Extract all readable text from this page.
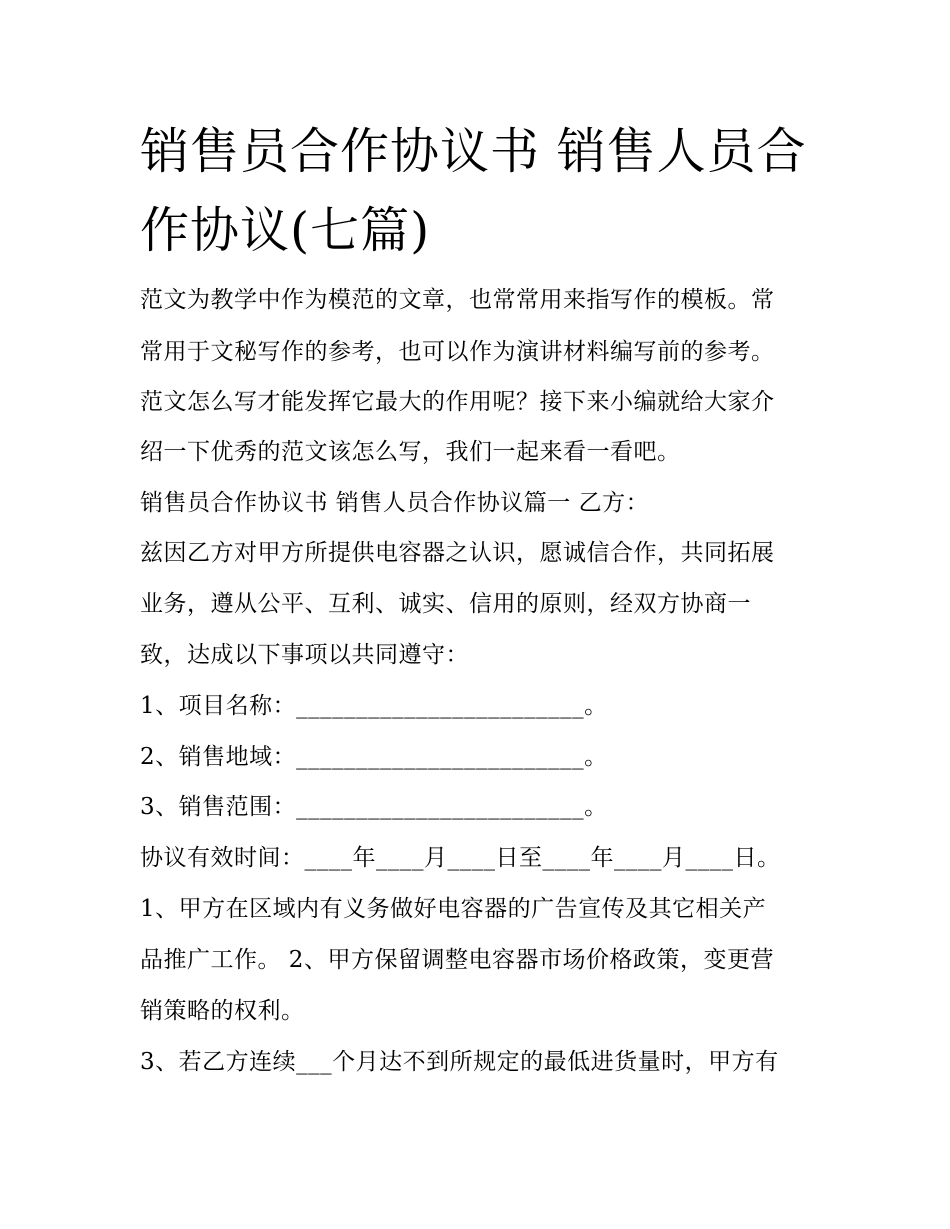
销售员合作协议书 销售人员合
作协议(七篇)

范文为教学中作为模范的文章，也常常用来指写作的模板。常

常用于文秘写作的参考，也可以作为演讲材料编写前的参考。

范文怎么写才能发挥它最大的作用呢？接下来小编就给大家介

绍一下优秀的范文该怎么写，我们一起来看一看吧。

销售员合作协议书 销售人员合作协议篇一 乙方：

兹因乙方对甲方所提供电容器之认识，愿诚信合作，共同拓展

业务，遵从公平、互利、诚实、信用的原则，经双方协商一

致，达成以下事项以共同遵守：

1、项目名称：________________________。

2、销售地域：________________________。

3、销售范围：________________________。

协议有效时间：____年____月____日至____年____月____日。

1、甲方在区域内有义务做好电容器的广告宣传及其它相关产

品推广工作。 2、甲方保留调整电容器市场价格政策，变更营

销策略的权利。

3、若乙方连续___个月达不到所规定的最低进货量时，甲方有
